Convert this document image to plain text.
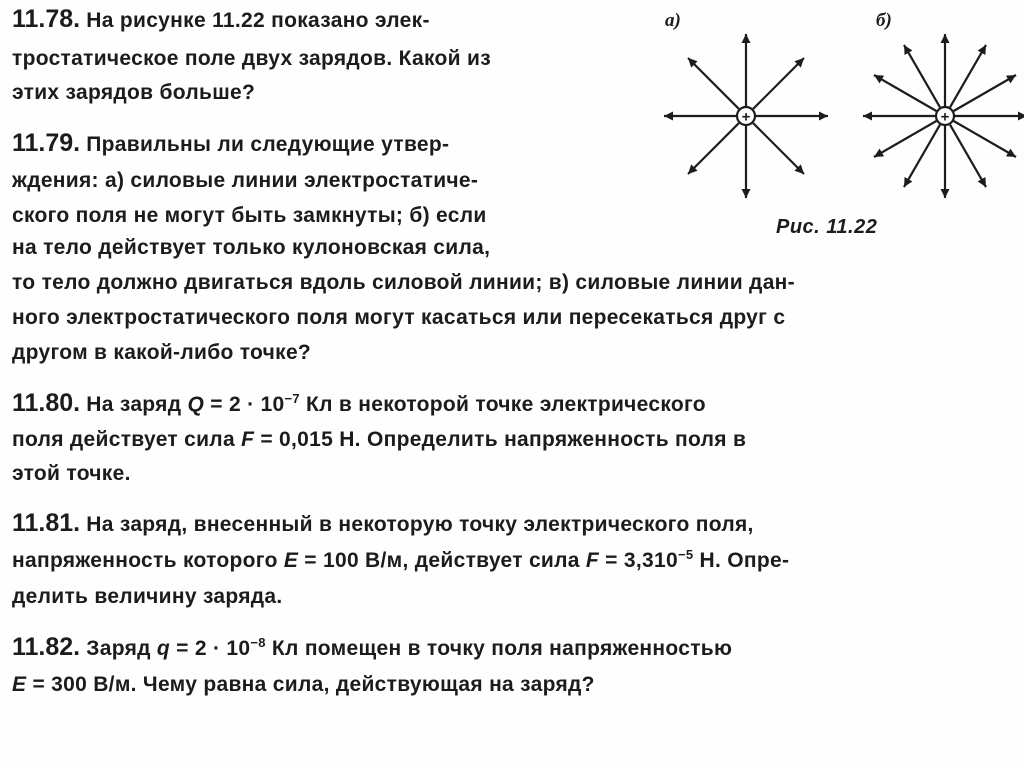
11.78. На рисунке 11.22 показано элек-
тростатическое поле двух зарядов. Какой из
этих зарядов больше?
11.79. Правильны ли следующие утвер-
ждения: а) силовые линии электростатиче-
ского поля не могут быть замкнуты; б) если
на тело действует только кулоновская сила,
то тело должно двигаться вдоль силовой линии; в) силовые линии дан-
ного электростатического поля могут касаться или пересекаться друг с
другом в какой-либо точке?
11.80. На заряд $Q = 2 \cdot 10^{-7}$ Кл в некоторой точке электрического
поля действует сила F = 0,015 Н. Определить напряженность поля в
этой точке.
11.81. На заряд, внесенный в некоторую точку электрического поля,
напряженность которого E = 100 В/м, действует сила $F = 3,310^{-5}$ Н. Опре-
делить величину заряда.
11.82. Заряд $q = 2 \cdot 10^{-8}$ Кл помещен в точку поля напряженностью
E = 300 В/м. Чему равна сила, действующая на заряд?
а)	б)
+	+
Рис. 11.22
